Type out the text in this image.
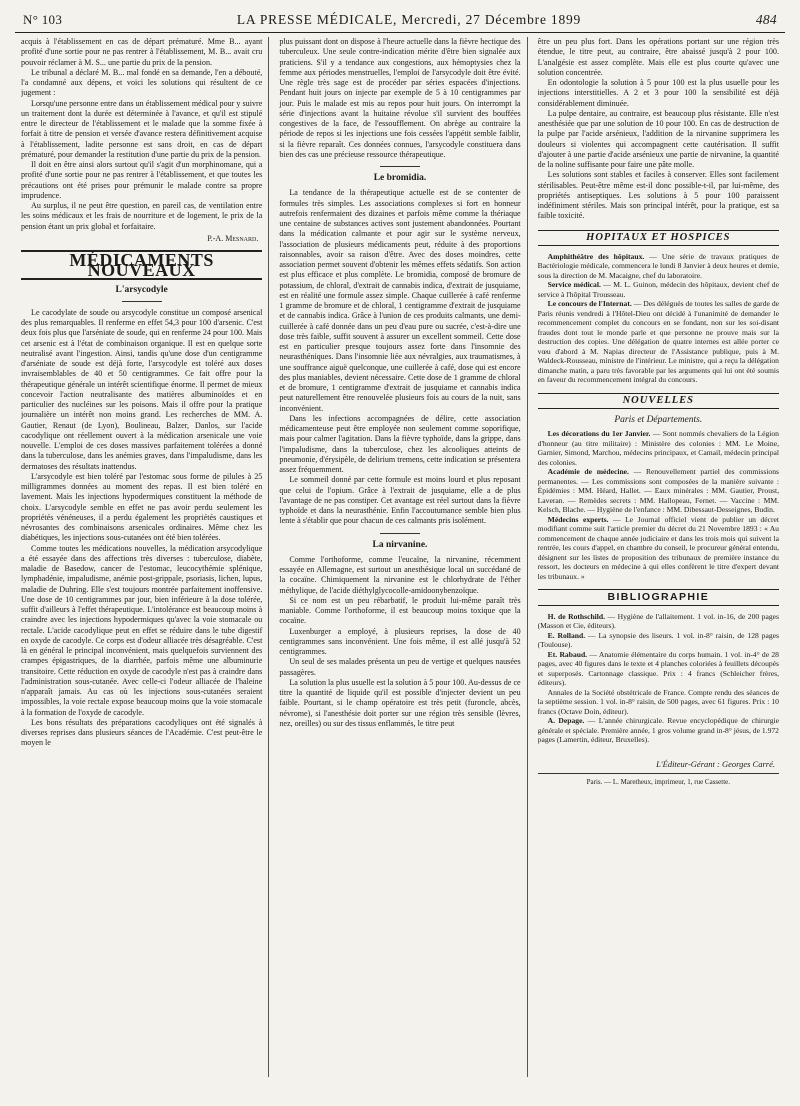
N° 103	LA PRESSE MÉDICALE, Mercredi, 27 Décembre 1899	484

acquis à l'établissement en cas de départ prématuré. Mme B... ayant profité d'une sortie pour ne pas rentrer à l'établissement, M. B... avait cru pouvoir réclamer à M. S... une partie du prix de la pension.

Le tribunal a déclaré M. B... mal fondé en sa demande, l'en a débouté, l'a condamné aux dépens, et voici les solutions qui résultent de ce jugement :

Lorsqu'une personne entre dans un établissement médical pour y suivre un traitement dont la durée est déterminée à l'avance, et qu'il est stipulé entre le directeur de l'établissement et le malade que la somme fixée à forfait à titre de pension et versée d'avance restera définitivement acquise à l'établissement, ladite personne est sans droit, en cas de départ prématuré, pour demander la restitution d'une partie du prix de la pension.

Il doit en être ainsi alors surtout qu'il s'agit d'un morphinomane, qui a profité d'une sortie pour ne pas rentrer à l'établissement, et que toutes les précautions ont été prises pour prémunir le malade contre sa propre imprudence.

Au surplus, il ne peut être question, en pareil cas, de ventilation entre les soins médicaux et les frais de nourriture et de logement, le prix de la pension étant un prix global et forfaitaire.

P.-A. Mesnard.
MÉDICAMENTS NOUVEAUX
L'arsycodyle

Le cacodylate de soude ou arsycodyle constitue un composé arsenical des plus remarquables. Il renferme en effet 54,3 pour 100 d'arsenic. C'est deux fois plus que l'arséniate de soude, qui en renferme 24 pour 100. Mais cet arsenic est à l'état de combinaison organique. Il est en quelque sorte neutralisé avant l'ingestion. Ainsi, tandis qu'une dose d'un centigramme d'arséniate de soude est déjà forte, l'arsycodyle est toléré aux doses invraisemblables de 40 et 50 centigrammes. Ce fait offre pour la thérapeutique générale un intérêt scientifique énorme. Il permet de mieux concevoir l'action neutralisante des matières albuminoïdes et en particulier des nucléines sur les poisons. Mais il offre pour la pratique journalière un intérêt non moins grand. Les recherches de MM. A. Gautier, Renaut (de Lyon), Boulineau, Balzer, Danlos, sur l'acide cacodylique ont réellement ouvert à la médication arsenicale une voie nouvelle. L'emploi de ces doses massives parfaitement tolérées a donné dans la tuberculose, dans les anémies graves, dans l'impaludisme, dans les dermatoses des résultats inattendus.

L'arsycodyle est bien toléré par l'estomac sous forme de pilules à 25 milligrammes données au moment des repas. Il est bien toléré en lavement. Mais les injections hypodermiques constituent la méthode de choix. L'arsycodyle semble en effet ne pas avoir perdu seulement les propriétés vénéneuses, il a perdu également les propriétés caustiques et névrosantes des combinaisons arsenicales ordinaires. Même chez les diabétiques, les injections sous-cutanées ont été bien tolérées.

Comme toutes les médications nouvelles, la médication arsycodylique a été essayée dans des affections très diverses : tuberculose, diabète, maladie de Basedow, cancer de l'estomac, leucocythémie splénique, lymphadénie, impaludisme, anémie post-grippale, psoriasis, lichen, lupus, maladie de Duhring. Elle s'est toujours montrée parfaitement inoffensive. Une dose de 10 centigrammes par jour, bien inférieure à la dose tolérée, suffit d'ailleurs à l'effet thérapeutique. L'intolérance est beaucoup moins à craindre avec les injections hypodermiques qu'avec la voie stomacale ou rectale. L'acide cacodylique peut en effet se réduire dans le tube digestif en oxyde de cacodyle. Ce corps est d'odeur alliacée très désagréable. C'est là en général le principal inconvénient, mais quelquefois surviennent des crampes épigastriques, de la diarrhée, parfois même une albuminurie transitoire. Cette réduction en oxyde de cacodyle n'est pas à craindre dans l'administration sous-cutanée. Avec celle-ci l'odeur alliacée de l'haleine n'apparaît jamais. Au cas où les injections sous-cutanées seraient impossibles, la voie rectale expose beaucoup moins que la voie stomacale à la formation de l'oxyde de cacodyle.

Les bons résultats des préparations cacodyliques ont été signalés à diverses reprises dans plusieurs séances de l'Académie. C'est peut-être le moyen le

plus puissant dont on dispose à l'heure actuelle dans la fièvre hectique des tuberculeux. Une seule contre-indication mérite d'être bien signalée aux praticiens. S'il y a tendance aux congestions, aux hémoptysies chez la femme aux périodes menstruelles, l'emploi de l'arsycodyle doit être évité. Une règle très sage est de procéder par séries espacées d'injections. Pendant huit jours on injecte par exemple de 5 à 10 centigrammes par jour. Puis le malade est mis au repos pour huit jours. On interrompt la série d'injections avant la huitaine révolue s'il survient des bouffées congestives de la face, de l'essoufflement. On abrège au contraire la période de repos si les injections une fois cessées l'appétit semble faiblir, si la fièvre reparaît. Ces données connues, l'arsycodyle constituera dans bien des cas une précieuse ressource thérapeutique.

Le bromidia.

La tendance de la thérapeutique actuelle est de se contenter de formules très simples. Les associations complexes si fort en honneur autrefois renfermaient des dizaines et parfois même comme la thériaque une centaine de substances actives sont justement abandonnées. Pourtant dans la médication calmante et pour agir sur le système nerveux, l'association de plusieurs médicaments peut, réduite à des proportions raisonnables, avoir sa raison d'être. Avec des doses moindres, cette association permet souvent d'obtenir les mêmes effets sédatifs. Son action est plus efficace et plus complète. Le bromidia, composé de bromure de potassium, de chloral, d'extrait de cannabis indica, d'extrait de jusquiame, est en réalité une formule assez simple. Chaque cuillerée à café renferme 1 gramme de bromure et de chloral, 1 centigramme d'extrait de jusquiame et de cannabis indica. Grâce à l'union de ces produits calmants, une demi-cuillerée à café donnée dans un peu d'eau pure ou sucrée, c'est-à-dire une dose très faible, suffit souvent à assurer un excellent sommeil. Cette dose est en particulier presque toujours assez forte dans l'insomnie des neurasthéniques. Dans l'insomnie liée aux névralgies, aux traumatismes, à une souffrance aiguë quelconque, une cuillerée à café, dose qui est encore des plus maniables, devient nécessaire. Cette dose de 1 gramme de chloral et de bromure, 1 centigramme d'extrait de jusquiame et cannabis indica peut naturellement être renouvelée plusieurs fois au cours de la nuit, sans inconvénient.

Dans les infections accompagnées de délire, cette association médicamenteuse peut être employée non seulement comme soporifique, mais pour calmer l'agitation. Dans la fièvre typhoïde, dans la grippe, dans l'impaludisme, dans la tuberculose, chez les alcooliques atteints de pneumonie, d'érysipèle, de delirium tremens, cette indication se présentera assez fréquemment.

Le sommeil donné par cette formule est moins lourd et plus reposant que celui de l'opium. Grâce à l'extrait de jusquiame, elle a de plus l'avantage de ne pas constiper. Cet avantage est réel surtout dans la fièvre typhoïde et dans la neurasthénie. Enfin l'accoutumance semble bien plus lente à s'établir que pour chacun de ces calmants pris isolément.

La nirvanine.

Comme l'orthoforme, comme l'eucaïne, la nirvanine, récemment essayée en Allemagne, est surtout un anesthésique local un succédané de la cocaïne. Chimiquement la nirvanine est le chlorhydrate de l'éther méthylique, de l'acide diéthylglycocolle-amidoonybenzoïque.

Si ce nom est un peu rébarbatif, le produit lui-même paraît très maniable. Comme l'orthoforme, il est beaucoup moins toxique que la cocaïne.

Luxenburger a employé, à plusieurs reprises, la dose de 40 centigrammes sans inconvénient. Une fois même, il est allé jusqu'à 52 centigrammes.

Un seul de ses malades présenta un peu de vertige et quelques nausées passagères.

La solution la plus usuelle est la solution à 5 pour 100. Au-dessus de ce titre la quantité de liquide qu'il est possible d'injecter devient un peu faible. Pourtant, si le champ opératoire est très petit (furoncle, abcès, névrome), si l'anesthésie doit porter sur une région très sensible (lèvres, nez, oreilles) ou sur des tissus enflammés, le titre peut

être un peu plus fort. Dans les opérations portant sur une région très étendue, le titre peut, au contraire, être abaissé jusqu'à 2 pour 100. L'analgésie est assez complète. Mais elle est plus courte qu'avec une solution concentrée.

En odontologie la solution à 5 pour 100 est la plus usuelle pour les injections interstitielles. A 2 et 3 pour 100 la sensibilité est déjà considérablement diminuée.

La pulpe dentaire, au contraire, est beaucoup plus résistante. Elle n'est anesthésiée que par une solution de 10 pour 100. En cas de destruction de la pulpe par l'acide arsénieux, l'addition de la nirvanine supprimera les douleurs si violentes qui accompagnent cette cautérisation. Il suffit d'ajouter à une partie d'acide arsénieux une partie de nirvanine, la quantité de la noline suffisante pour faire une pâte molle.

Les solutions sont stables et faciles à conserver. Elles sont facilement stérilisables. Peut-être même est-il donc possible-t-il, par lui-même, des propriétés antiseptiques. Les solutions à 5 pour 100 paraissent indéfiniment stériles. Mais son principal intérêt, pour la pratique, est sa faible toxicité.

HOPITAUX ET HOSPICES

Amphithéâtre des hôpitaux. — Une série de travaux pratiques de Bactériologie médicale, commencera le lundi 8 Janvier à deux heures et demie, sous la direction de M. Macaigne, chef du laboratoire.

Service médical. — M. L. Guinon, médecin des hôpitaux, devient chef de service à l'hôpital Trousseau.

Le concours de l'Internat. — Des délégués de toutes les salles de garde de Paris réunis vendredi à l'Hôtel-Dieu ont décidé à l'unanimité de demander le recommencement complet du concours en se fondant, non sur les soi-disant fraudes dont tout le monde parle et que personne ne prouve mais sur la destruction des copies. Une délégation de quatre internes est allée porter ce vœu d'abord à M. Napias directeur de l'Assistance publique, puis à M. Waldeck-Rousseau, ministre de l'intérieur. Le ministre, qui a reçu la délégation dimanche matin, a paru très favorable par les arguments qui lui ont été soumis en faveur du recommencement intégral du concours.

NOUVELLES
Paris et Départements.

Les décorations du 1er Janvier. — Sont nommés chevaliers de la Légion d'honneur (au titre militaire) : Ministère des colonies : MM. Le Moine, Garnier, Simond, Marchou, médecins principaux, et Camail, médecin principal des colonies.

Académie de médecine. — Renouvellement partiel des commissions permanentes. — Les commissions sont composées de la manière suivante : Épidémies : MM. Héard, Hallet. — Eaux minérales : MM. Gautier, Proust, Laveran. — Remèdes secrets : MM. Hallopeau, Fernet. — Vaccine : MM. Kelsch, Blache. — Hygiène de l'enfance : MM. Dibessaut-Desseignes, Budin.

Médecins experts. — Le Journal officiel vient de publier un décret modifiant comme suit l'article premier du décret du 21 Novembre 1893 : « Au commencement de chaque année judiciaire et dans les trois mois qui suivent la rentrée, les cours d'appel, en chambre du conseil, le procureur général entendu, désignent sur les listes de proposition des tribunaux de première instance du ressort, les docteurs en médecine à qui elles confèrent le titre d'expert devant les tribunaux. »

BIBLIOGRAPHIE

H. de Rothschild. — Hygiène de l'allaitement. 1 vol. in-16, de 200 pages (Masson et Cie, éditeurs).

E. Rolland. — La synopsie des liseurs. 1 vol. in-8° raisin, de 128 pages (Toulouse).

Et. Rabaud. — Anatomie élémentaire du corps humain. 1 vol. in-4° de 28 pages, avec 40 figures dans le texte et 4 planches coloriées à feuillets découpés et superposés. Cartonnage classique. Prix : 4 francs (Schleicher frères, éditeurs).

Annales de la Société obstétricale de France. Compte rendu des séances de la septième session. 1 vol. in-8° raisin, de 500 pages, avec 61 figures. Prix : 10 francs (Octave Doin, éditeur).

A. Depage. — L'année chirurgicale. Revue encyclopédique de chirurgie générale et spéciale. Première année, 1 gros volume grand in-8° jésus, de 1.972 pages (Lamertin, éditeur, Bruxelles).

L'Éditeur-Gérant : Georges Carré.
Paris. — L. Maretheux, imprimeur, 1, rue Cassette.
